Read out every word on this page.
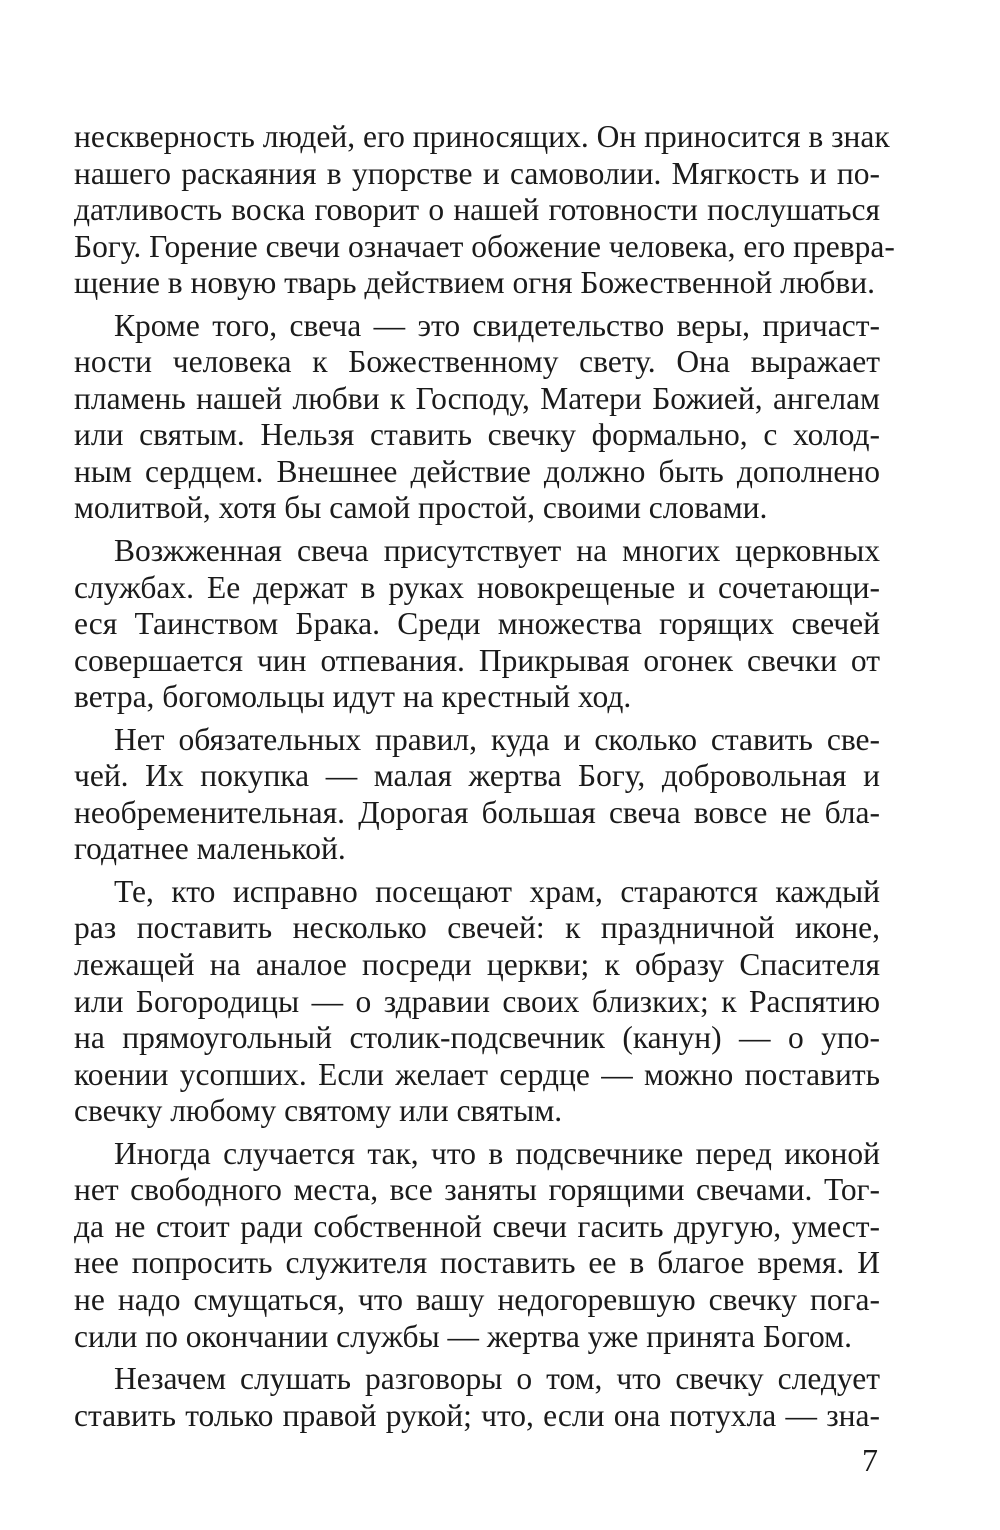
нескверность людей, его приносящих. Он приносится в знак
нашего раскаяния в упорстве и самоволии. Мягкость и по-
датливость воска говорит о нашей готовности послушаться
Богу. Горение свечи означает обожение человека, его превра-
щение в новую тварь действием огня Божественной любви.
Кроме того, свеча — это свидетельство веры, причаст-
ности человека к Божественному свету. Она выражает
пламень нашей любви к Господу, Матери Божией, ангелам
или святым. Нельзя ставить свечку формально, с холод-
ным сердцем. Внешнее действие должно быть дополнено
молитвой, хотя бы самой простой, своими словами.
Возжженная свеча присутствует на многих церковных
службах. Ее держат в руках новокрещеные и сочетающи-
еся Таинством Брака. Среди множества горящих свечей
совершается чин отпевания. Прикрывая огонек свечки от
ветра, богомольцы идут на крестный ход.
Нет обязательных правил, куда и сколько ставить све-
чей. Их покупка — малая жертва Богу, добровольная и
необременительная. Дорогая большая свеча вовсе не бла-
годатнее маленькой.
Те, кто исправно посещают храм, стараются каждый
раз поставить несколько свечей: к праздничной иконе,
лежащей на аналое посреди церкви; к образу Спасителя
или Богородицы — о здравии своих близких; к Распятию
на прямоугольный столик-подсвечник (канун) — о упо-
коении усопших. Если желает сердце — можно поставить
свечку любому святому или святым.
Иногда случается так, что в подсвечнике перед иконой
нет свободного места, все заняты горящими свечами. Тог-
да не стоит ради собственной свечи гасить другую, умест-
нее попросить служителя поставить ее в благое время. И
не надо смущаться, что вашу недогоревшую свечку пога-
сили по окончании службы — жертва уже принята Богом.
Незачем слушать разговоры о том, что свечку следует
ставить только правой рукой; что, если она потухла — зна-
7
